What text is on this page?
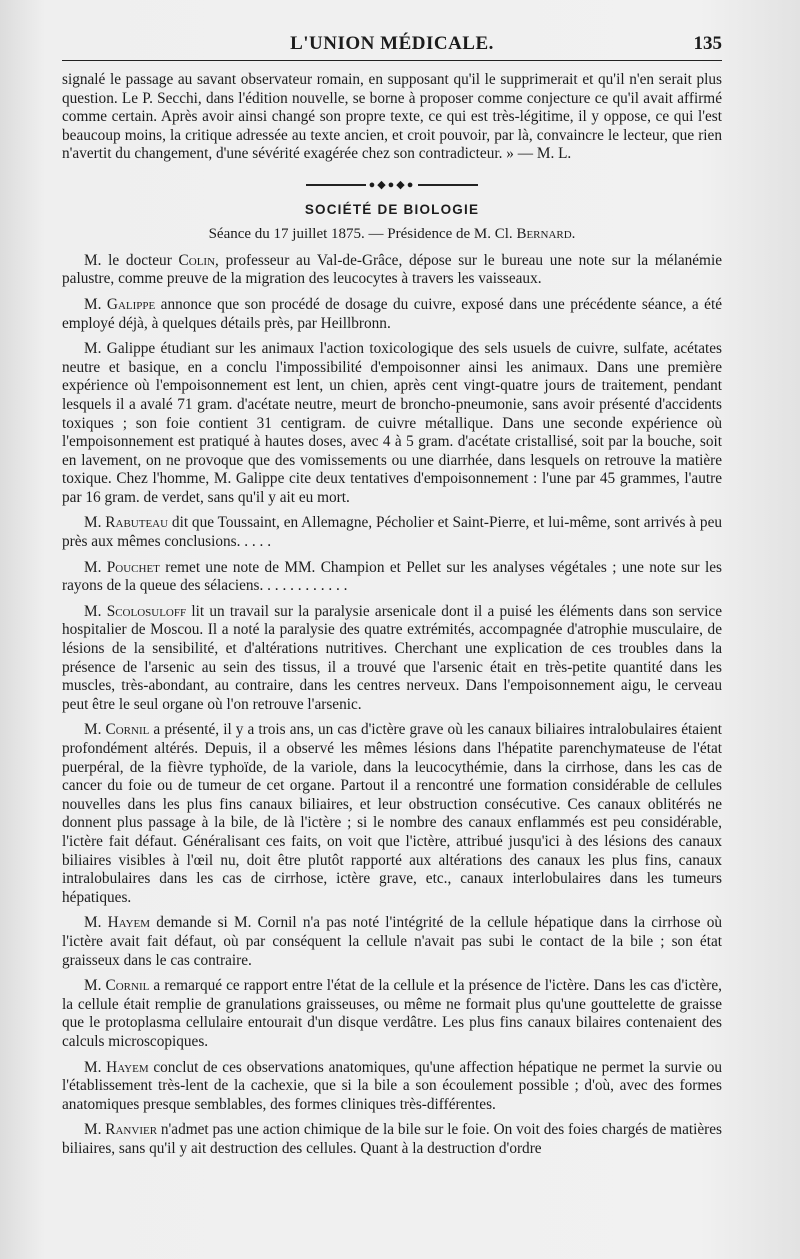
L'UNION MÉDICALE.	135

signalé le passage au savant observateur romain, en supposant qu'il le supprimerait et qu'il n'en serait plus question. Le P. Secchi, dans l'édition nouvelle, se borne à proposer comme conjecture ce qu'il avait affirmé comme certain. Après avoir ainsi changé son propre texte, ce qui est très-légitime, il y oppose, ce qui l'est beaucoup moins, la critique adressée au texte ancien, et croit pouvoir, par là, convaincre le lecteur, que rien n'avertit du changement, d'une sévérité exagérée chez son contradicteur. » — M. L.

●◆●◆●
SOCIÉTÉ DE BIOLOGIE
Séance du 17 juillet 1875. — Présidence de M. Cl. Bernard.

M. le docteur Colin, professeur au Val-de-Grâce, dépose sur le bureau une note sur la mélanémie palustre, comme preuve de la migration des leucocytes à travers les vaisseaux.

M. Galippe annonce que son procédé de dosage du cuivre, exposé dans une précédente séance, a été employé déjà, à quelques détails près, par Heillbronn.

M. Galippe étudiant sur les animaux l'action toxicologique des sels usuels de cuivre, sulfate, acétates neutre et basique, en a conclu l'impossibilité d'empoisonner ainsi les animaux. Dans une première expérience où l'empoisonnement est lent, un chien, après cent vingt-quatre jours de traitement, pendant lesquels il a avalé 71 gram. d'acétate neutre, meurt de broncho-pneumonie, sans avoir présenté d'accidents toxiques ; son foie contient 31 centigram. de cuivre métallique. Dans une seconde expérience où l'empoisonnement est pratiqué à hautes doses, avec 4 à 5 gram. d'acétate cristallisé, soit par la bouche, soit en lavement, on ne provoque que des vomissements ou une diarrhée, dans lesquels on retrouve la matière toxique. Chez l'homme, M. Galippe cite deux tentatives d'empoisonnement : l'une par 45 grammes, l'autre par 16 gram. de verdet, sans qu'il y ait eu mort.

M. Rabuteau dit que Toussaint, en Allemagne, Pécholier et Saint-Pierre, et lui-même, sont arrivés à peu près aux mêmes conclusions. . . . .

M. Pouchet remet une note de MM. Champion et Pellet sur les analyses végétales ; une note sur les rayons de la queue des sélaciens. . . . . . . . . . . .

M. Scolosuloff lit un travail sur la paralysie arsenicale dont il a puisé les éléments dans son service hospitalier de Moscou. Il a noté la paralysie des quatre extrémités, accompagnée d'atrophie musculaire, de lésions de la sensibilité, et d'altérations nutritives. Cherchant une explication de ces troubles dans la présence de l'arsenic au sein des tissus, il a trouvé que l'arsenic était en très-petite quantité dans les muscles, très-abondant, au contraire, dans les centres nerveux. Dans l'empoisonnement aigu, le cerveau peut être le seul organe où l'on retrouve l'arsenic.

M. Cornil a présenté, il y a trois ans, un cas d'ictère grave où les canaux biliaires intralobulaires étaient profondément altérés. Depuis, il a observé les mêmes lésions dans l'hépatite parenchymateuse de l'état puerpéral, de la fièvre typhoïde, de la variole, dans la leucocythémie, dans la cirrhose, dans les cas de cancer du foie ou de tumeur de cet organe. Partout il a rencontré une formation considérable de cellules nouvelles dans les plus fins canaux biliaires, et leur obstruction consécutive. Ces canaux oblitérés ne donnent plus passage à la bile, de là l'ictère ; si le nombre des canaux enflammés est peu considérable, l'ictère fait défaut. Généralisant ces faits, on voit que l'ictère, attribué jusqu'ici à des lésions des canaux biliaires visibles à l'œil nu, doit être plutôt rapporté aux altérations des canaux les plus fins, canaux intralobulaires dans les cas de cirrhose, ictère grave, etc., canaux interlobulaires dans les tumeurs hépatiques.

M. Hayem demande si M. Cornil n'a pas noté l'intégrité de la cellule hépatique dans la cirrhose où l'ictère avait fait défaut, où par conséquent la cellule n'avait pas subi le contact de la bile ; son état graisseux dans le cas contraire.

M. Cornil a remarqué ce rapport entre l'état de la cellule et la présence de l'ictère. Dans les cas d'ictère, la cellule était remplie de granulations graisseuses, ou même ne formait plus qu'une gouttelette de graisse que le protoplasma cellulaire entourait d'un disque verdâtre. Les plus fins canaux bilaires contenaient des calculs microscopiques.

M. Hayem conclut de ces observations anatomiques, qu'une affection hépatique ne permet la survie ou l'établissement très-lent de la cachexie, que si la bile a son écoulement possible ; d'où, avec des formes anatomiques presque semblables, des formes cliniques très-différentes.

M. Ranvier n'admet pas une action chimique de la bile sur le foie. On voit des foies chargés de matières biliaires, sans qu'il y ait destruction des cellules. Quant à la destruction d'ordre
